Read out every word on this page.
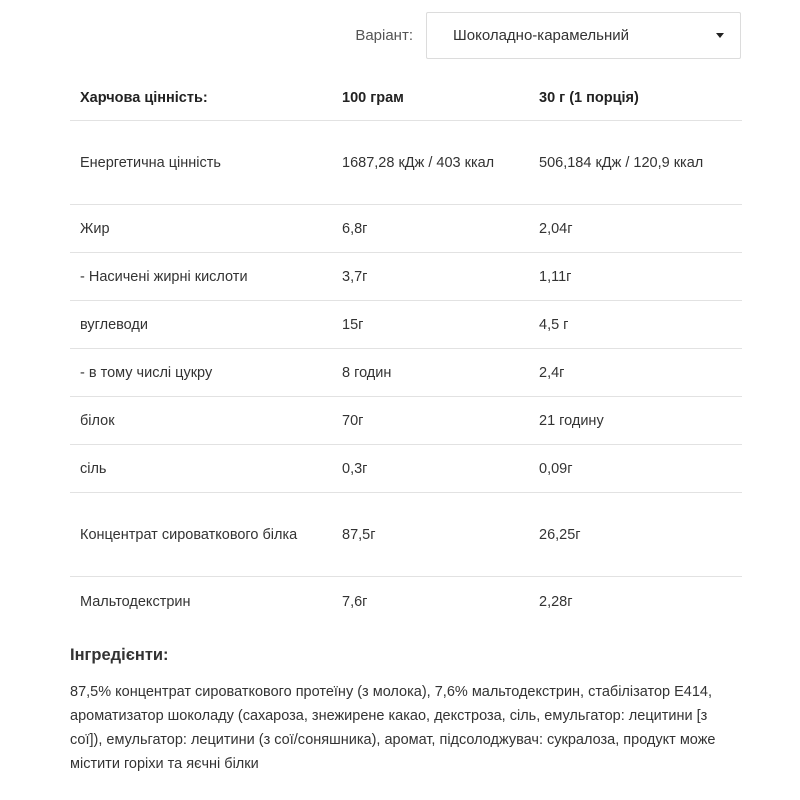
Варіант:	Шоколадно-карамельний
Харчова цінність:	100 грам	30 г (1 порція)
Енергетична цінність	1687,28 кДж / 403 ккал	506,184 кДж / 120,9 ккал
Жир	6,8г	2,04г
- Насичені жирні кислоти	3,7г	1,11г
вуглеводи	15г	4,5 г
- в тому числі цукру	8 годин	2,4г
білок	70г	21 годину
сіль	0,3г	0,09г
Концентрат сироваткового білка	87,5г	26,25г
Мальтодекстрин	7,6г	2,28г
Інгредієнти:
87,5% концентрат сироваткового протеїну (з молока), 7,6% мальтодекстрин, стабілізатор E414, ароматизатор шоколаду (сахароза, знежирене какао, декстроза, сіль, емульгатор: лецитини [з сої]), емульгатор: лецитини (з сої/соняшника), аромат, підсолоджувач: сукралоза, продукт може містити горіхи та яєчні білки
